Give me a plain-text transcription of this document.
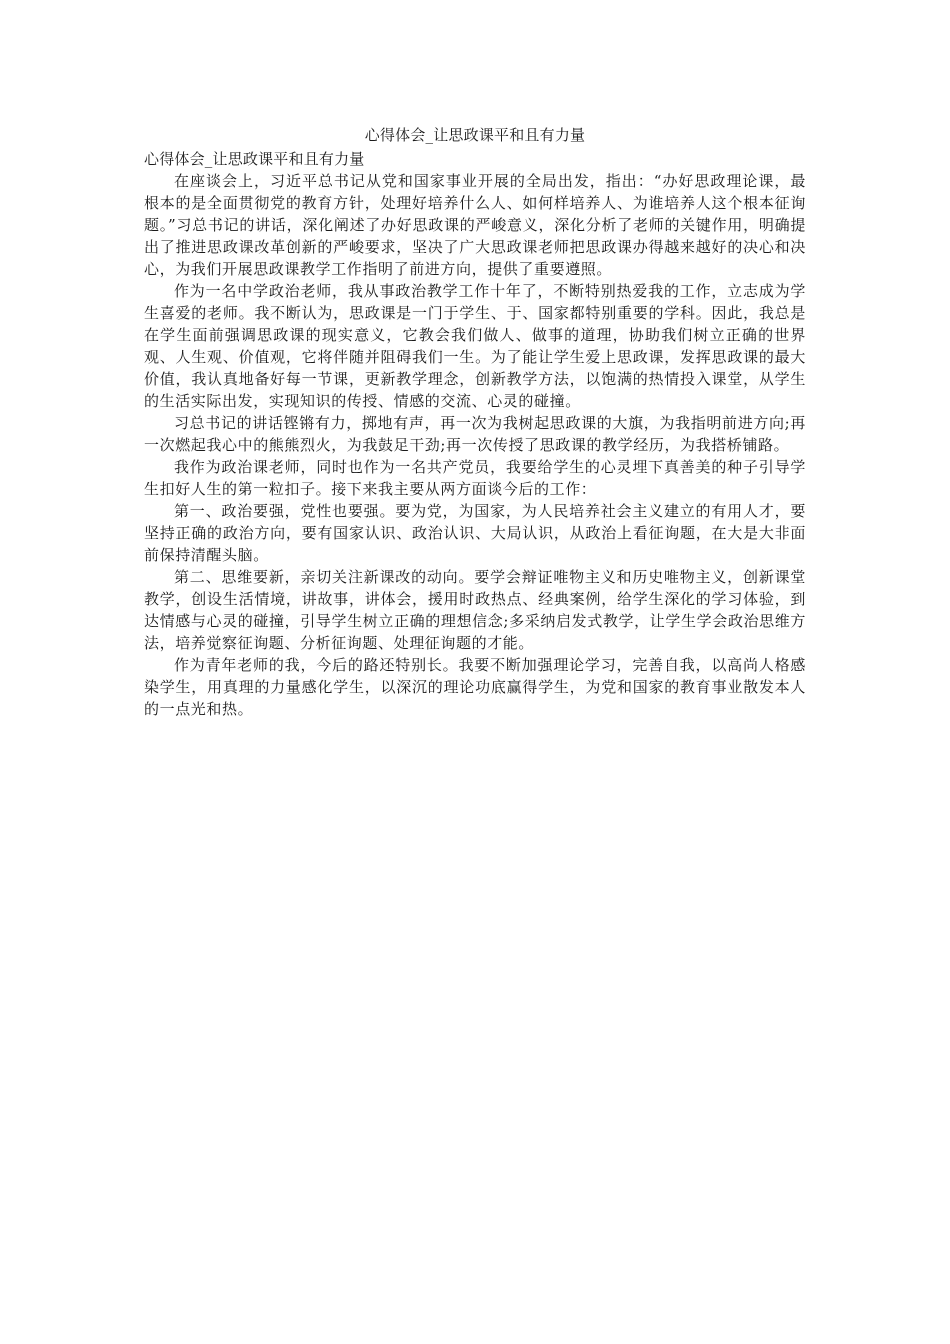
心得体会_让思政课平和且有力量
心得体会_让思政课平和且有力量

在座谈会上，习近平总书记从党和国家事业开展的全局出发，指出：“办好思政理论课，最根本的是全面贯彻党的教育方针，处理好培养什么人、如何样培养人、为谁培养人这个根本征询题。”习总书记的讲话，深化阐述了办好思政课的严峻意义，深化分析了老师的关键作用，明确提出了推进思政课改革创新的严峻要求，坚决了广大思政课老师把思政课办得越来越好的决心和决心，为我们开展思政课教学工作指明了前进方向，提供了重要遵照。

作为一名中学政治老师，我从事政治教学工作十年了，不断特别热爱我的工作，立志成为学生喜爱的老师。我不断认为，思政课是一门于学生、于、国家都特别重要的学科。因此，我总是在学生面前强调思政课的现实意义，它教会我们做人、做事的道理，协助我们树立正确的世界观、人生观、价值观，它将伴随并阻碍我们一生。为了能让学生爱上思政课，发挥思政课的最大价值，我认真地备好每一节课，更新教学理念，创新教学方法，以饱满的热情投入课堂，从学生的生活实际出发，实现知识的传授、情感的交流、心灵的碰撞。

习总书记的讲话铿锵有力，掷地有声，再一次为我树起思政课的大旗，为我指明前进方向;再一次燃起我心中的熊熊烈火，为我鼓足干劲;再一次传授了思政课的教学经历，为我搭桥铺路。

我作为政治课老师，同时也作为一名共产党员，我要给学生的心灵埋下真善美的种子引导学生扣好人生的第一粒扣子。接下来我主要从两方面谈今后的工作：

第一、政治要强，党性也要强。要为党，为国家，为人民培养社会主义建立的有用人才，要坚持正确的政治方向，要有国家认识、政治认识、大局认识，从政治上看征询题，在大是大非面前保持清醒头脑。

第二、思维要新，亲切关注新课改的动向。要学会辩证唯物主义和历史唯物主义，创新课堂教学，创设生活情境，讲故事，讲体会，援用时政热点、经典案例，给学生深化的学习体验，到达情感与心灵的碰撞，引导学生树立正确的理想信念;多采纳启发式教学，让学生学会政治思维方法，培养觉察征询题、分析征询题、处理征询题的才能。

作为青年老师的我，今后的路还特别长。我要不断加强理论学习，完善自我，以高尚人格感染学生，用真理的力量感化学生，以深沉的理论功底赢得学生，为党和国家的教育事业散发本人的一点光和热。
